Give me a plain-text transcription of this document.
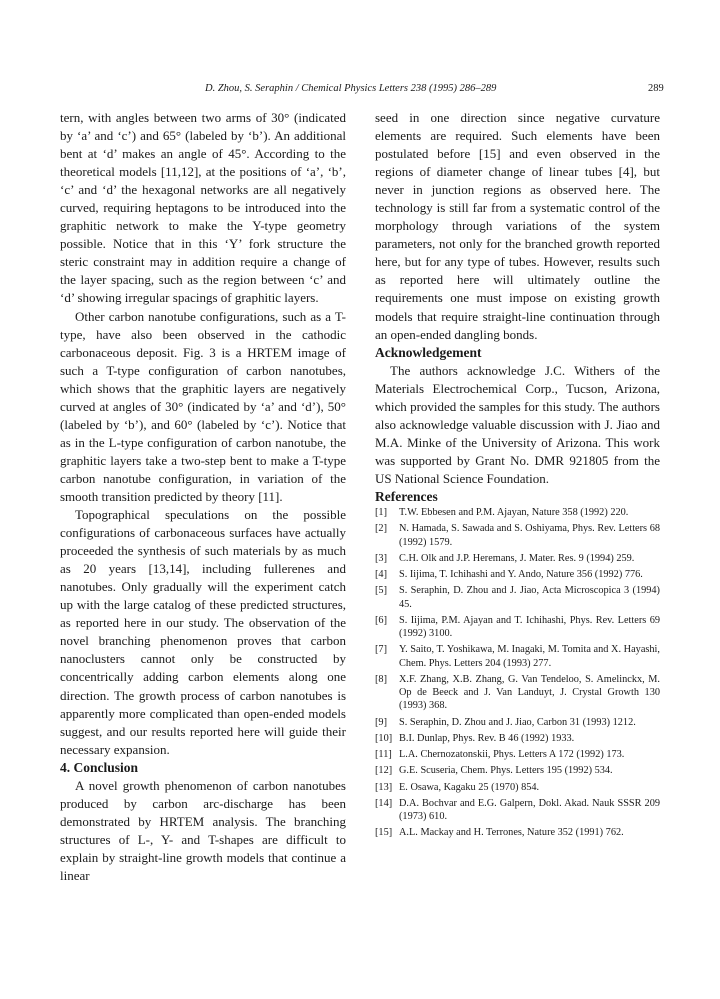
D. Zhou, S. Seraphin / Chemical Physics Letters 238 (1995) 286–289	289

tern, with angles between two arms of 30° (indicated by ‘a’ and ‘c’) and 65° (labeled by ‘b’). An additional bent at ‘d’ makes an angle of 45°. According to the theoretical models [11,12], at the positions of ‘a’, ‘b’, ‘c’ and ‘d’ the hexagonal networks are all negatively curved, requiring heptagons to be introduced into the graphitic network to make the Y-type geometry possible. Notice that in this ‘Y’ fork structure the steric constraint may in addition require a change of the layer spacing, such as the region between ‘c’ and ‘d’ showing irregular spacings of graphitic layers.

Other carbon nanotube configurations, such as a T-type, have also been observed in the cathodic carbonaceous deposit. Fig. 3 is a HRTEM image of such a T-type configuration of carbon nanotubes, which shows that the graphitic layers are negatively curved at angles of 30° (indicated by ‘a’ and ‘d’), 50° (labeled by ‘b’), and 60° (labeled by ‘c’). Notice that as in the L-type configuration of carbon nanotube, the graphitic layers take a two-step bent to make a T-type carbon nanotube configuration, in variation of the smooth transition predicted by theory [11].

Topographical speculations on the possible configurations of carbonaceous surfaces have actually proceeded the synthesis of such materials by as much as 20 years [13,14], including fullerenes and nanotubes. Only gradually will the experiment catch up with the large catalog of these predicted structures, as reported here in our study. The observation of the novel branching phenomenon proves that carbon nanoclusters cannot only be constructed by concentrically adding carbon elements along one direction. The growth process of carbon nanotubes is apparently more complicated than open-ended models suggest, and our results reported here will guide their necessary expansion.

4. Conclusion

A novel growth phenomenon of carbon nanotubes produced by carbon arc-discharge has been demonstrated by HRTEM analysis. The branching structures of L-, Y- and T-shapes are difficult to explain by straight-line growth models that continue a linear

seed in one direction since negative curvature elements are required. Such elements have been postulated before [15] and even observed in the regions of diameter change of linear tubes [4], but never in junction regions as observed here. The technology is still far from a systematic control of the morphology through variations of the system parameters, not only for the branched growth reported here, but for any type of tubes. However, results such as reported here will ultimately outline the requirements one must impose on existing growth models that require straight-line continuation through an open-ended dangling bonds.

Acknowledgement

The authors acknowledge J.C. Withers of the Materials Electrochemical Corp., Tucson, Arizona, which provided the samples for this study. The authors also acknowledge valuable discussion with J. Jiao and M.A. Minke of the University of Arizona. This work was supported by Grant No. DMR 921805 from the US National Science Foundation.

References
[1]	T.W. Ebbesen and P.M. Ajayan, Nature 358 (1992) 220.
[2]	N. Hamada, S. Sawada and S. Oshiyama, Phys. Rev. Letters 68 (1992) 1579.
[3]	C.H. Olk and J.P. Heremans, J. Mater. Res. 9 (1994) 259.
[4]	S. Iijima, T. Ichihashi and Y. Ando, Nature 356 (1992) 776.
[5]	S. Seraphin, D. Zhou and J. Jiao, Acta Microscopica 3 (1994) 45.
[6]	S. Iijima, P.M. Ajayan and T. Ichihashi, Phys. Rev. Letters 69 (1992) 3100.
[7]	Y. Saito, T. Yoshikawa, M. Inagaki, M. Tomita and X. Hayashi, Chem. Phys. Letters 204 (1993) 277.
[8]	X.F. Zhang, X.B. Zhang, G. Van Tendeloo, S. Amelinckx, M. Op de Beeck and J. Van Landuyt, J. Crystal Growth 130 (1993) 368.
[9]	S. Seraphin, D. Zhou and J. Jiao, Carbon 31 (1993) 1212.
[10] B.I. Dunlap, Phys. Rev. B 46 (1992) 1933.
[11] L.A. Chernozatonskii, Phys. Letters A 172 (1992) 173.
[12] G.E. Scuseria, Chem. Phys. Letters 195 (1992) 534.
[13] E. Osawa, Kagaku 25 (1970) 854.
[14] D.A. Bochvar and E.G. Galpern, Dokl. Akad. Nauk SSSR 209 (1973) 610.
[15] A.L. Mackay and H. Terrones, Nature 352 (1991) 762.
